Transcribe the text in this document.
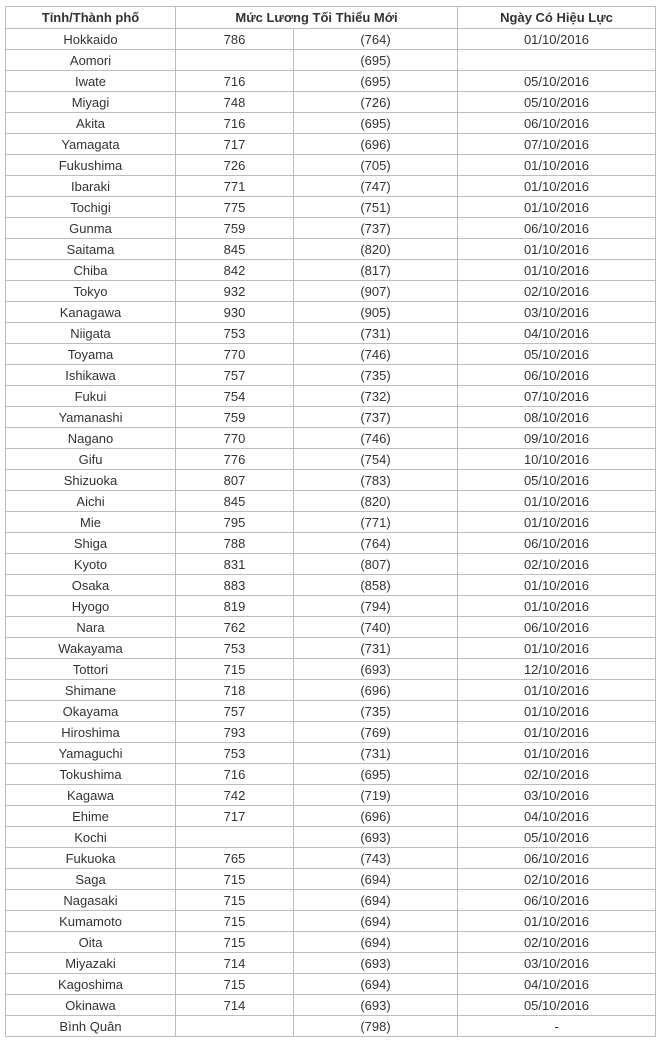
Tỉnh/Thành phố	Mức Lương Tối Thiểu Mới		Ngày Có Hiệu Lực
Hokkaido	786	(764)	01/10/2016
Aomori		(695)	
Iwate	716	(695)	05/10/2016
Miyagi	748	(726)	05/10/2016
Akita	716	(695)	06/10/2016
Yamagata	717	(696)	07/10/2016
Fukushima	726	(705)	01/10/2016
Ibaraki	771	(747)	01/10/2016
Tochigi	775	(751)	01/10/2016
Gunma	759	(737)	06/10/2016
Saitama	845	(820)	01/10/2016
Chiba	842	(817)	01/10/2016
Tokyo	932	(907)	02/10/2016
Kanagawa	930	(905)	03/10/2016
Niigata	753	(731)	04/10/2016
Toyama	770	(746)	05/10/2016
Ishikawa	757	(735)	06/10/2016
Fukui	754	(732)	07/10/2016
Yamanashi	759	(737)	08/10/2016
Nagano	770	(746)	09/10/2016
Gifu	776	(754)	10/10/2016
Shizuoka	807	(783)	05/10/2016
Aichi	845	(820)	01/10/2016
Mie	795	(771)	01/10/2016
Shiga	788	(764)	06/10/2016
Kyoto	831	(807)	02/10/2016
Osaka	883	(858)	01/10/2016
Hyogo	819	(794)	01/10/2016
Nara	762	(740)	06/10/2016
Wakayama	753	(731)	01/10/2016
Tottori	715	(693)	12/10/2016
Shimane	718	(696)	01/10/2016
Okayama	757	(735)	01/10/2016
Hiroshima	793	(769)	01/10/2016
Yamaguchi	753	(731)	01/10/2016
Tokushima	716	(695)	02/10/2016
Kagawa	742	(719)	03/10/2016
Ehime	717	(696)	04/10/2016
Kochi		(693)	05/10/2016
Fukuoka	765	(743)	06/10/2016
Saga	715	(694)	02/10/2016
Nagasaki	715	(694)	06/10/2016
Kumamoto	715	(694)	01/10/2016
Oita	715	(694)	02/10/2016
Miyazaki	714	(693)	03/10/2016
Kagoshima	715	(694)	04/10/2016
Okinawa	714	(693)	05/10/2016
Bình Quân		(798)	-
